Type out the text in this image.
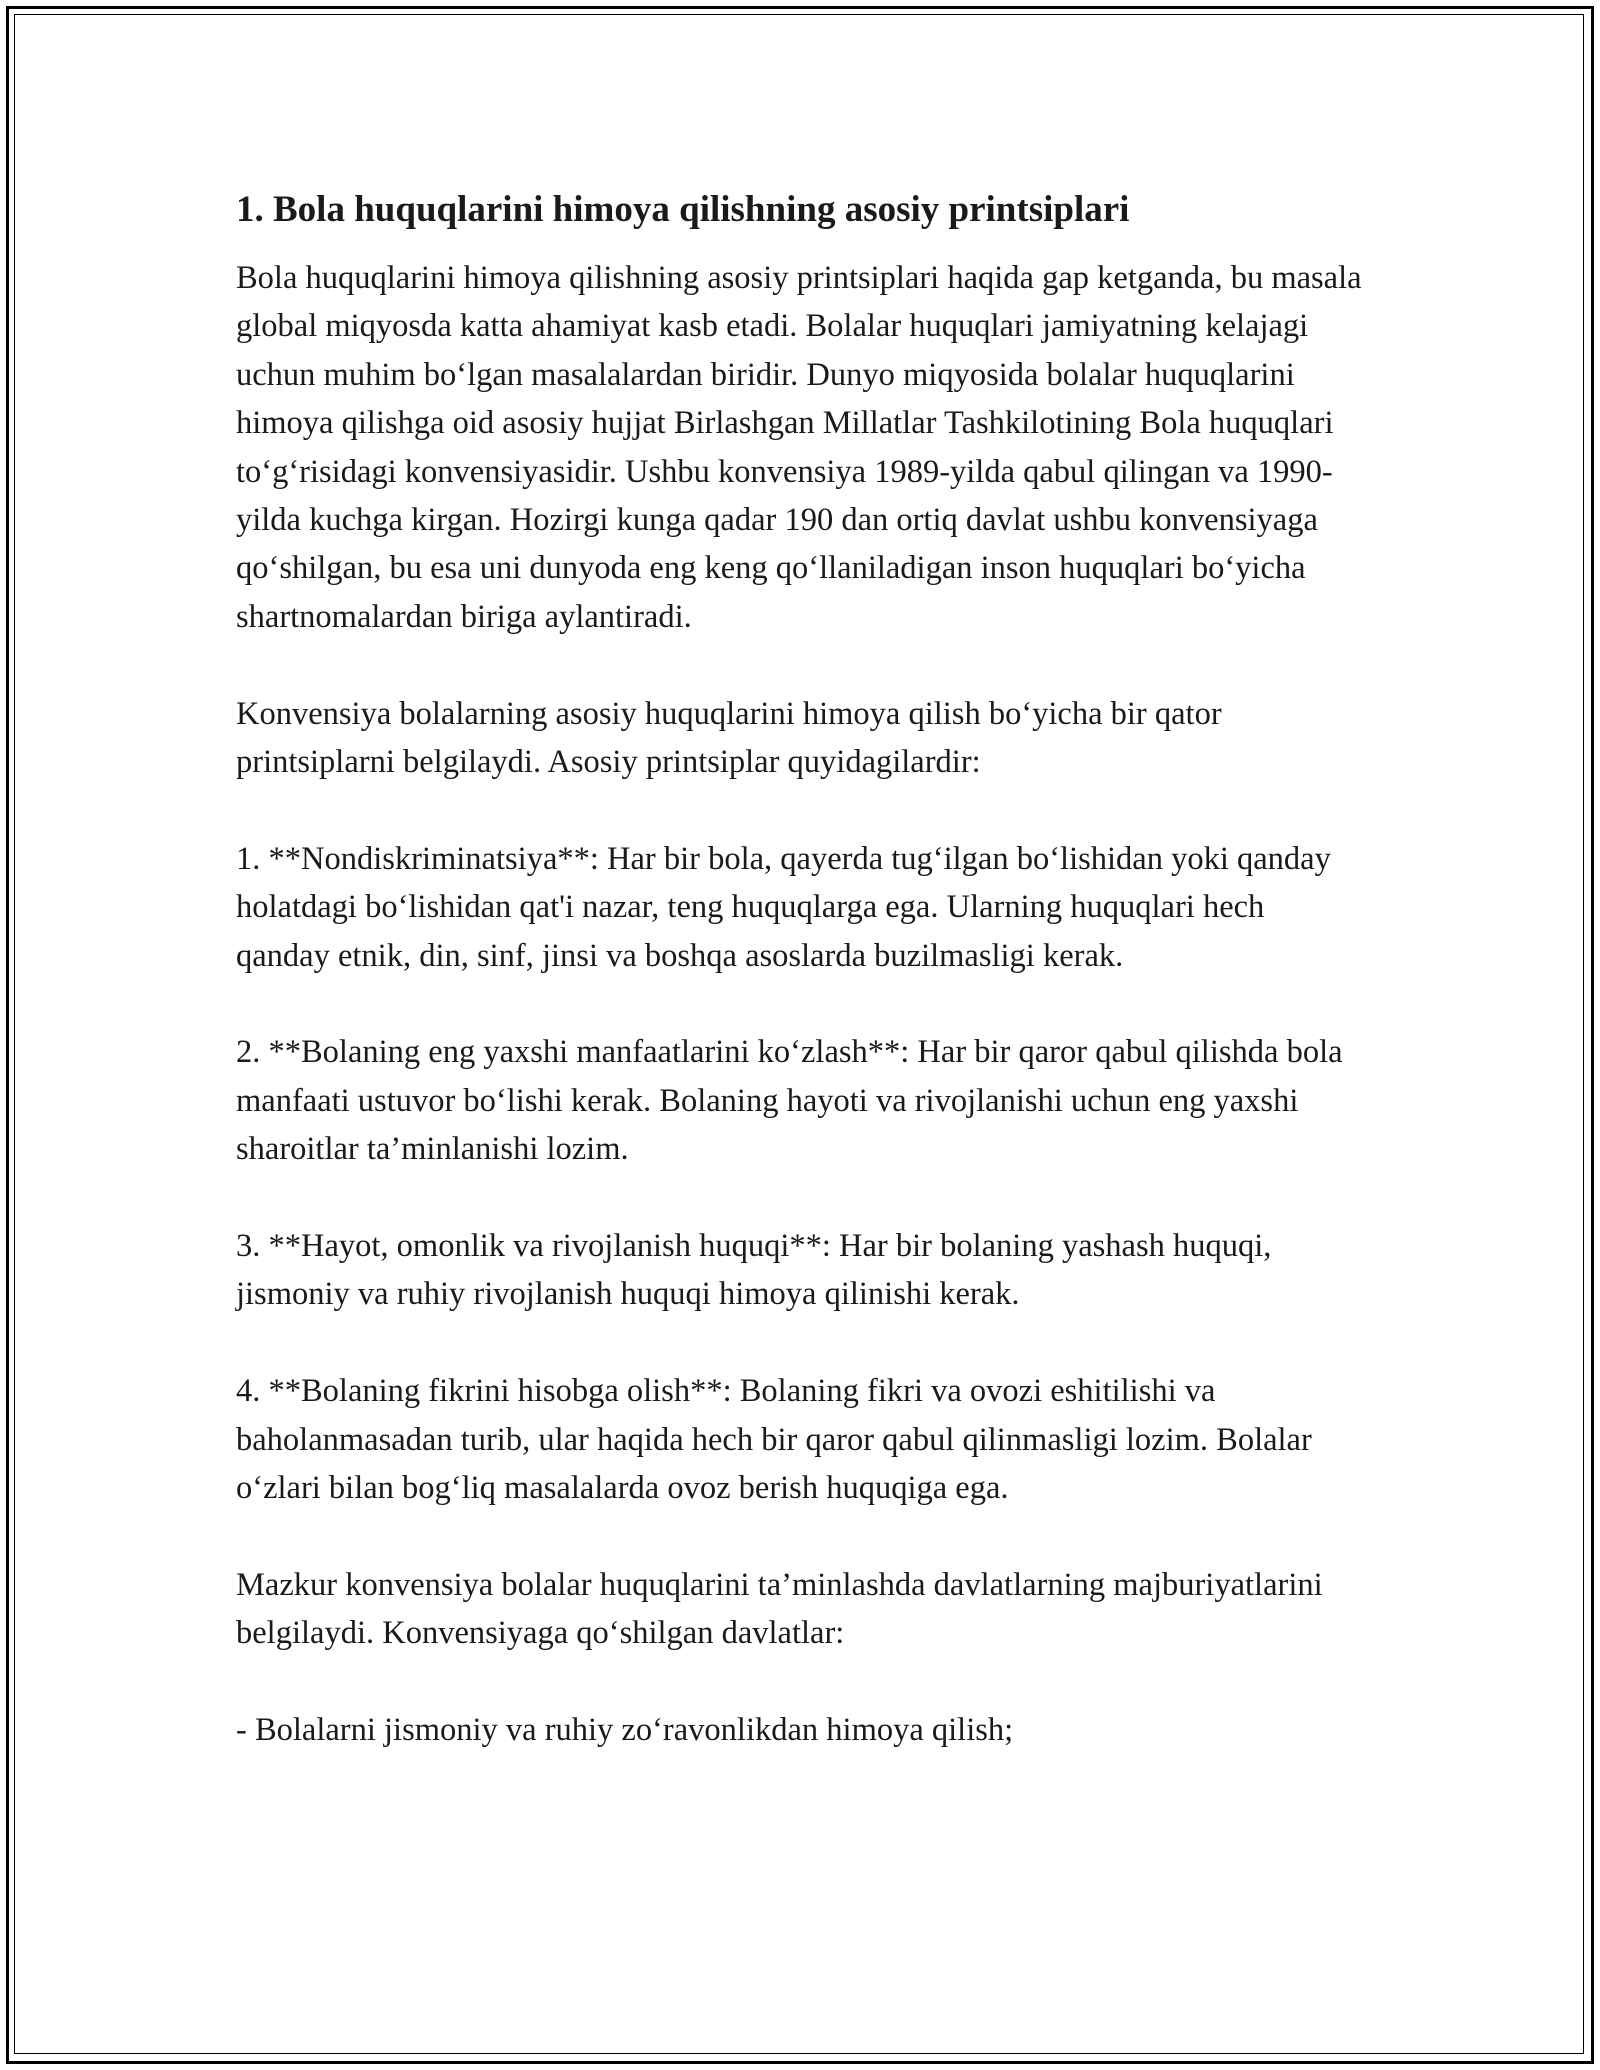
1. Bola huquqlarini himoya qilishning asosiy printsiplari

Bola huquqlarini himoya qilishning asosiy printsiplari haqida gap ketganda, bu masala global miqyosda katta ahamiyat kasb etadi. Bolalar huquqlari jamiyatning kelajagi uchun muhim bo‘lgan masalalardan biridir. Dunyo miqyosida bolalar huquqlarini himoya qilishga oid asosiy hujjat Birlashgan Millatlar Tashkilotining Bola huquqlari to‘g‘risidagi konvensiyasidir. Ushbu konvensiya 1989-yilda qabul qilingan va 1990-yilda kuchga kirgan. Hozirgi kunga qadar 190 dan ortiq davlat ushbu konvensiyaga qo‘shilgan, bu esa uni dunyoda eng keng qo‘llaniladigan inson huquqlari bo‘yicha shartnomalardan biriga aylantiradi.

Konvensiya bolalarning asosiy huquqlarini himoya qilish bo‘yicha bir qator printsiplarni belgilaydi. Asosiy printsiplar quyidagilardir:

1. **Nondiskriminatsiya**: Har bir bola, qayerda tug‘ilgan bo‘lishidan yoki qanday holatdagi bo‘lishidan qat'i nazar, teng huquqlarga ega. Ularning huquqlari hech qanday etnik, din, sinf, jinsi va boshqa asoslarda buzilmasligi kerak.

2. **Bolaning eng yaxshi manfaatlarini ko‘zlash**: Har bir qaror qabul qilishda bola manfaati ustuvor bo‘lishi kerak. Bolaning hayoti va rivojlanishi uchun eng yaxshi sharoitlar ta’minlanishi lozim.

3. **Hayot, omonlik va rivojlanish huquqi**: Har bir bolaning yashash huquqi, jismoniy va ruhiy rivojlanish huquqi himoya qilinishi kerak.

4. **Bolaning fikrini hisobga olish**: Bolaning fikri va ovozi eshitilishi va baholanmasadan turib, ular haqida hech bir qaror qabul qilinmasligi lozim. Bolalar o‘zlari bilan bog‘liq masalalarda ovoz berish huquqiga ega.

Mazkur konvensiya bolalar huquqlarini ta’minlashda davlatlarning majburiyatlarini belgilaydi. Konvensiyaga qo‘shilgan davlatlar:

- Bolalarni jismoniy va ruhiy zo‘ravonlikdan himoya qilish;
